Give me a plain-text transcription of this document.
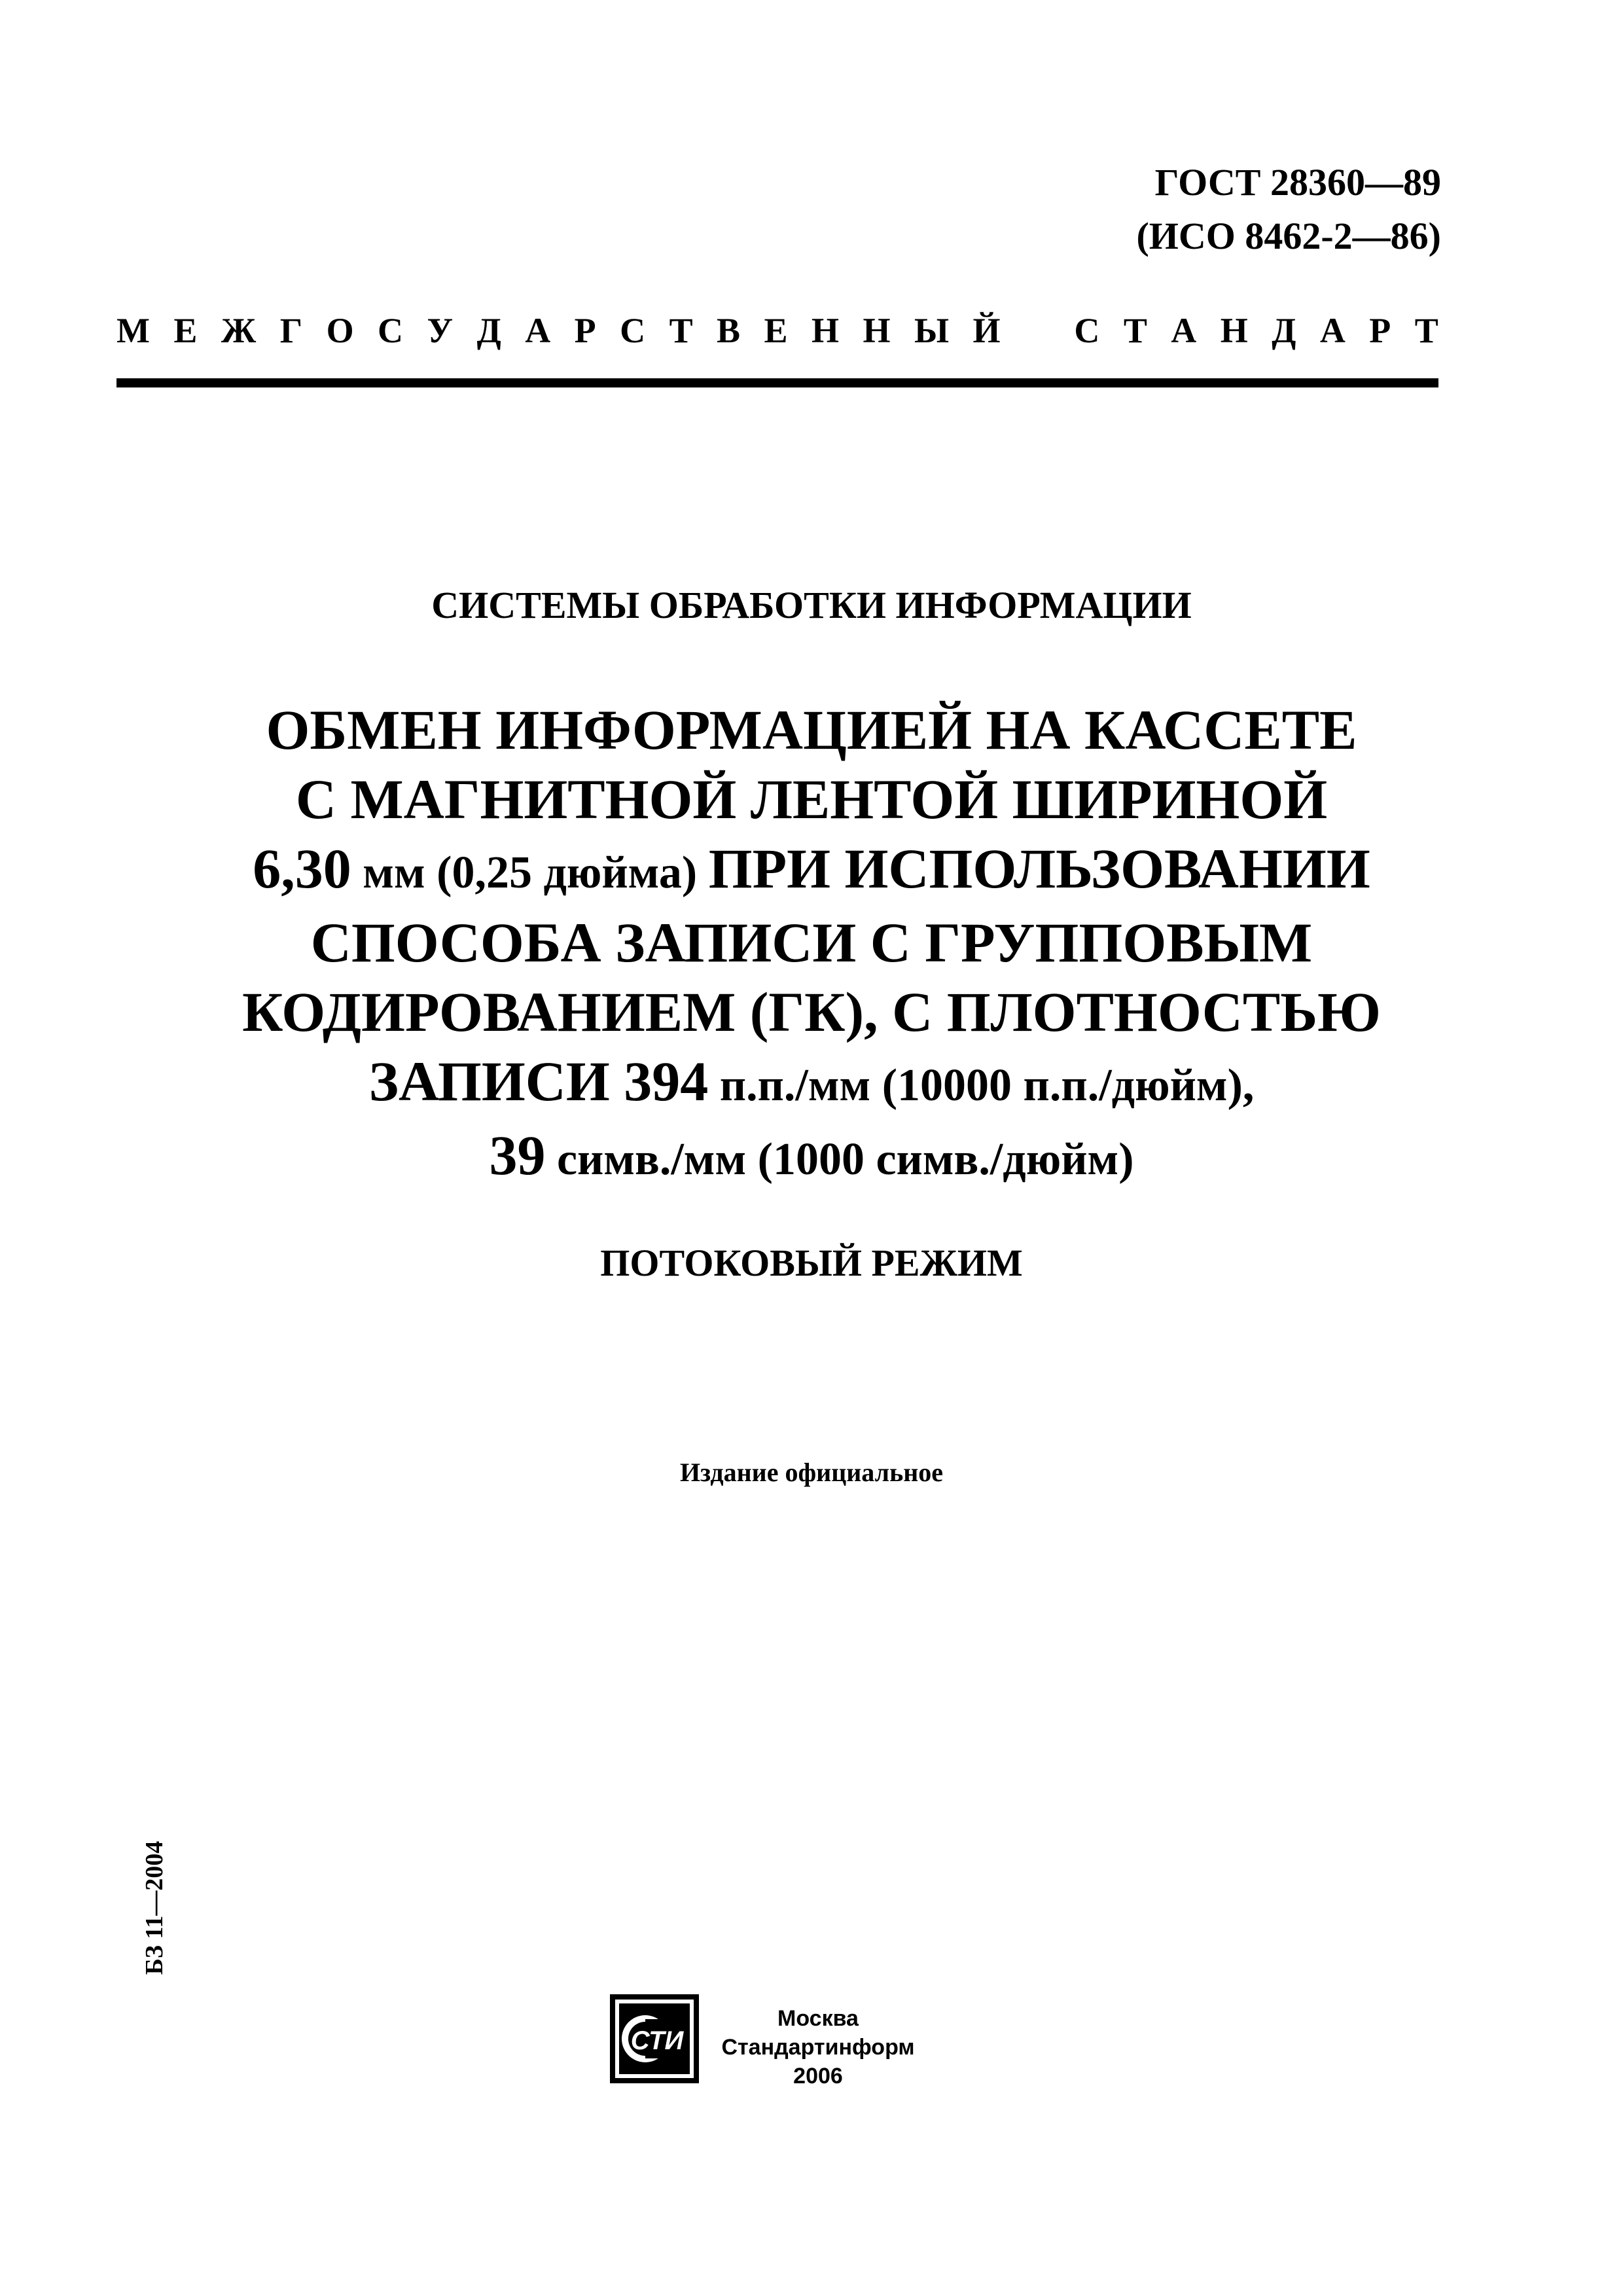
ГОСТ 28360—89
(ИСО 8462-2—86)
М Е Ж Г О С У Д А Р С Т В Е Н Н Ы Й С Т А Н Д А Р Т
СИСТЕМЫ ОБРАБОТКИ ИНФОРМАЦИИ
ОБМЕН ИНФОРМАЦИЕЙ НА КАССЕТЕ
С МАГНИТНОЙ ЛЕНТОЙ ШИРИНОЙ
6,30 мм (0,25 дюйма) ПРИ ИСПОЛЬЗОВАНИИ
СПОСОБА ЗАПИСИ С ГРУППОВЫМ
КОДИРОВАНИЕМ (ГК), С ПЛОТНОСТЬЮ
ЗАПИСИ 394 п.п./мм (10000 п.п./дюйм),
39 симв./мм (1000 симв./дюйм)
ПОТОКОВЫЙ РЕЖИМ
Издание официальное
БЗ 11—2004
СТИ
Москва
Стандартинформ
2006
